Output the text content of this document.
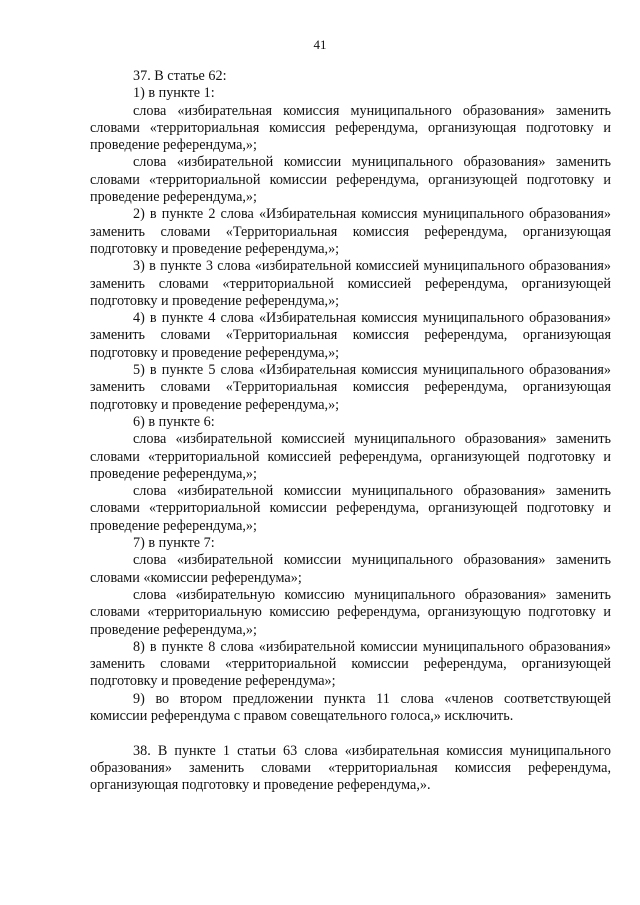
41

37. В статье 62:

1) в пункте 1:

слова «избирательная комиссия муниципального образования» заменить словами «территориальная комиссия референдума, организующая подготовку и проведение референдума,»;

слова «избирательной комиссии муниципального образования» заменить словами «территориальной комиссии референдума, организующей подготовку и проведение референдума,»;

2) в пункте 2 слова «Избирательная комиссия муниципального образования» заменить словами «Территориальная комиссия референдума, организующая подготовку и проведение референдума,»;

3) в пункте 3 слова «избирательной комиссией муниципального образования» заменить словами «территориальной комиссией референдума, организующей подготовку и проведение референдума,»;

4) в пункте 4 слова «Избирательная комиссия муниципального образования» заменить словами «Территориальная комиссия референдума, организующая подготовку и проведение референдума,»;

5) в пункте 5 слова «Избирательная комиссия муниципального образования» заменить словами «Территориальная комиссия референдума, организующая подготовку и проведение референдума,»;

6) в пункте 6:

слова «избирательной комиссией муниципального образования» заменить словами «территориальной комиссией референдума, организующей подготовку и проведение референдума,»;

слова «избирательной комиссии муниципального образования» заменить словами «территориальной комиссии референдума, организующей подготовку и проведение референдума,»;

7) в пункте 7:

слова «избирательной комиссии муниципального образования» заменить словами «комиссии референдума»;

слова «избирательную комиссию муниципального образования» заменить словами «территориальную комиссию референдума, организующую подготовку и проведение референдума,»;

8) в пункте 8 слова «избирательной комиссии муниципального образования» заменить словами «территориальной комиссии референдума, организующей подготовку и проведение референдума»;

9) во втором предложении пункта 11 слова «членов соответствующей комиссии референдума с правом совещательного голоса,» исключить.

38. В пункте 1 статьи 63 слова «избирательная комиссия муниципального образования» заменить словами «территориальная комиссия референдума, организующая подготовку и проведение референдума,».
